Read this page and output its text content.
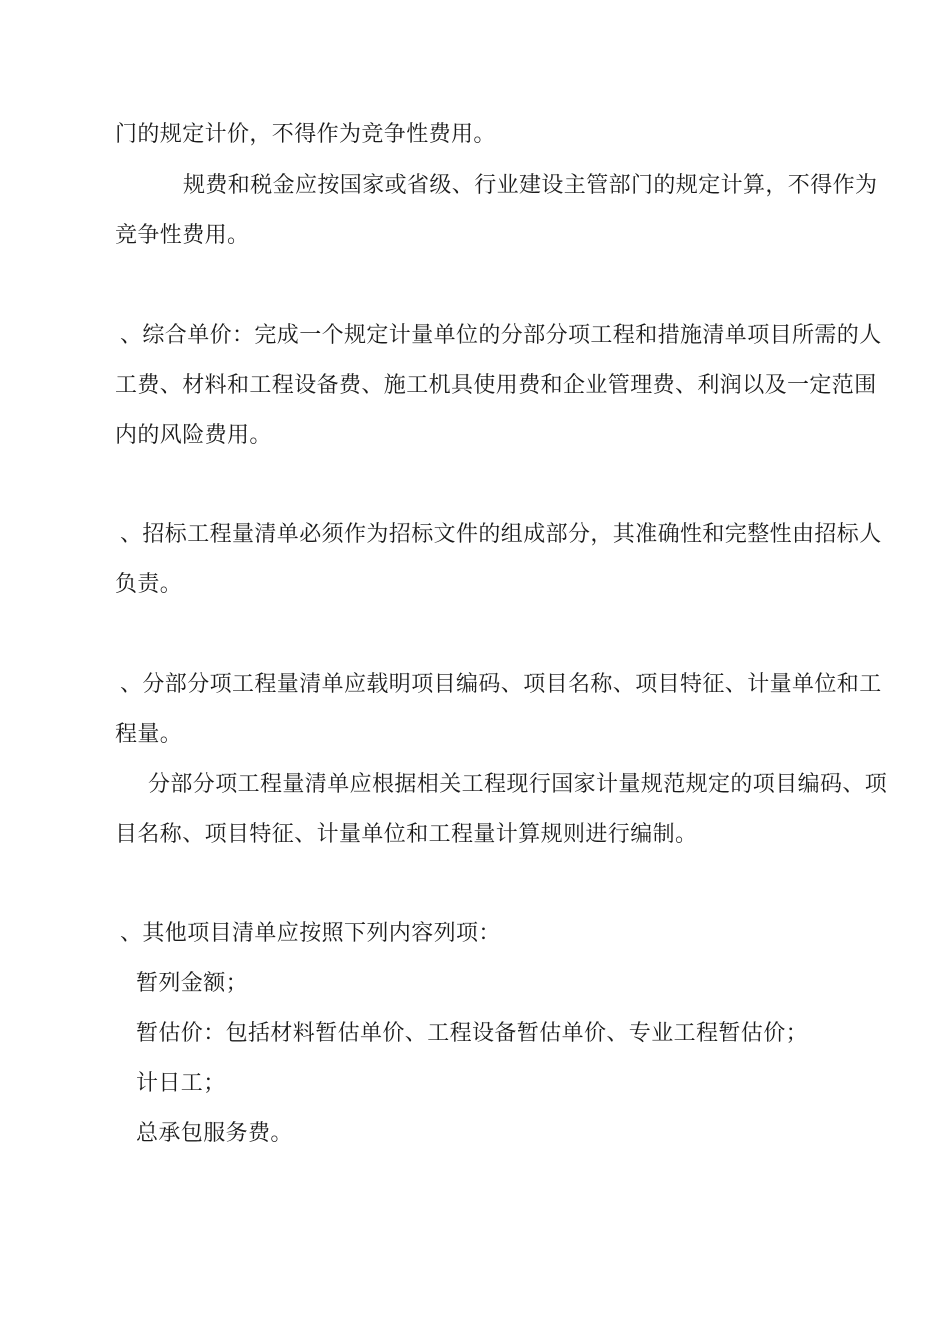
门的规定计价，不得作为竞争性费用。
规费和税金应按国家或省级、行业建设主管部门的规定计算，不得作为
竞争性费用。
、综合单价：完成一个规定计量单位的分部分项工程和措施清单项目所需的人
工费、材料和工程设备费、施工机具使用费和企业管理费、利润以及一定范围
内的风险费用。
、招标工程量清单必须作为招标文件的组成部分，其准确性和完整性由招标人
负责。
、分部分项工程量清单应载明项目编码、项目名称、项目特征、计量单位和工
程量。
分部分项工程量清单应根据相关工程现行国家计量规范规定的项目编码、项
目名称、项目特征、计量单位和工程量计算规则进行编制。
、其他项目清单应按照下列内容列项：
暂列金额；
暂估价：包括材料暂估单价、工程设备暂估单价、专业工程暂估价；
计日工；
总承包服务费。
